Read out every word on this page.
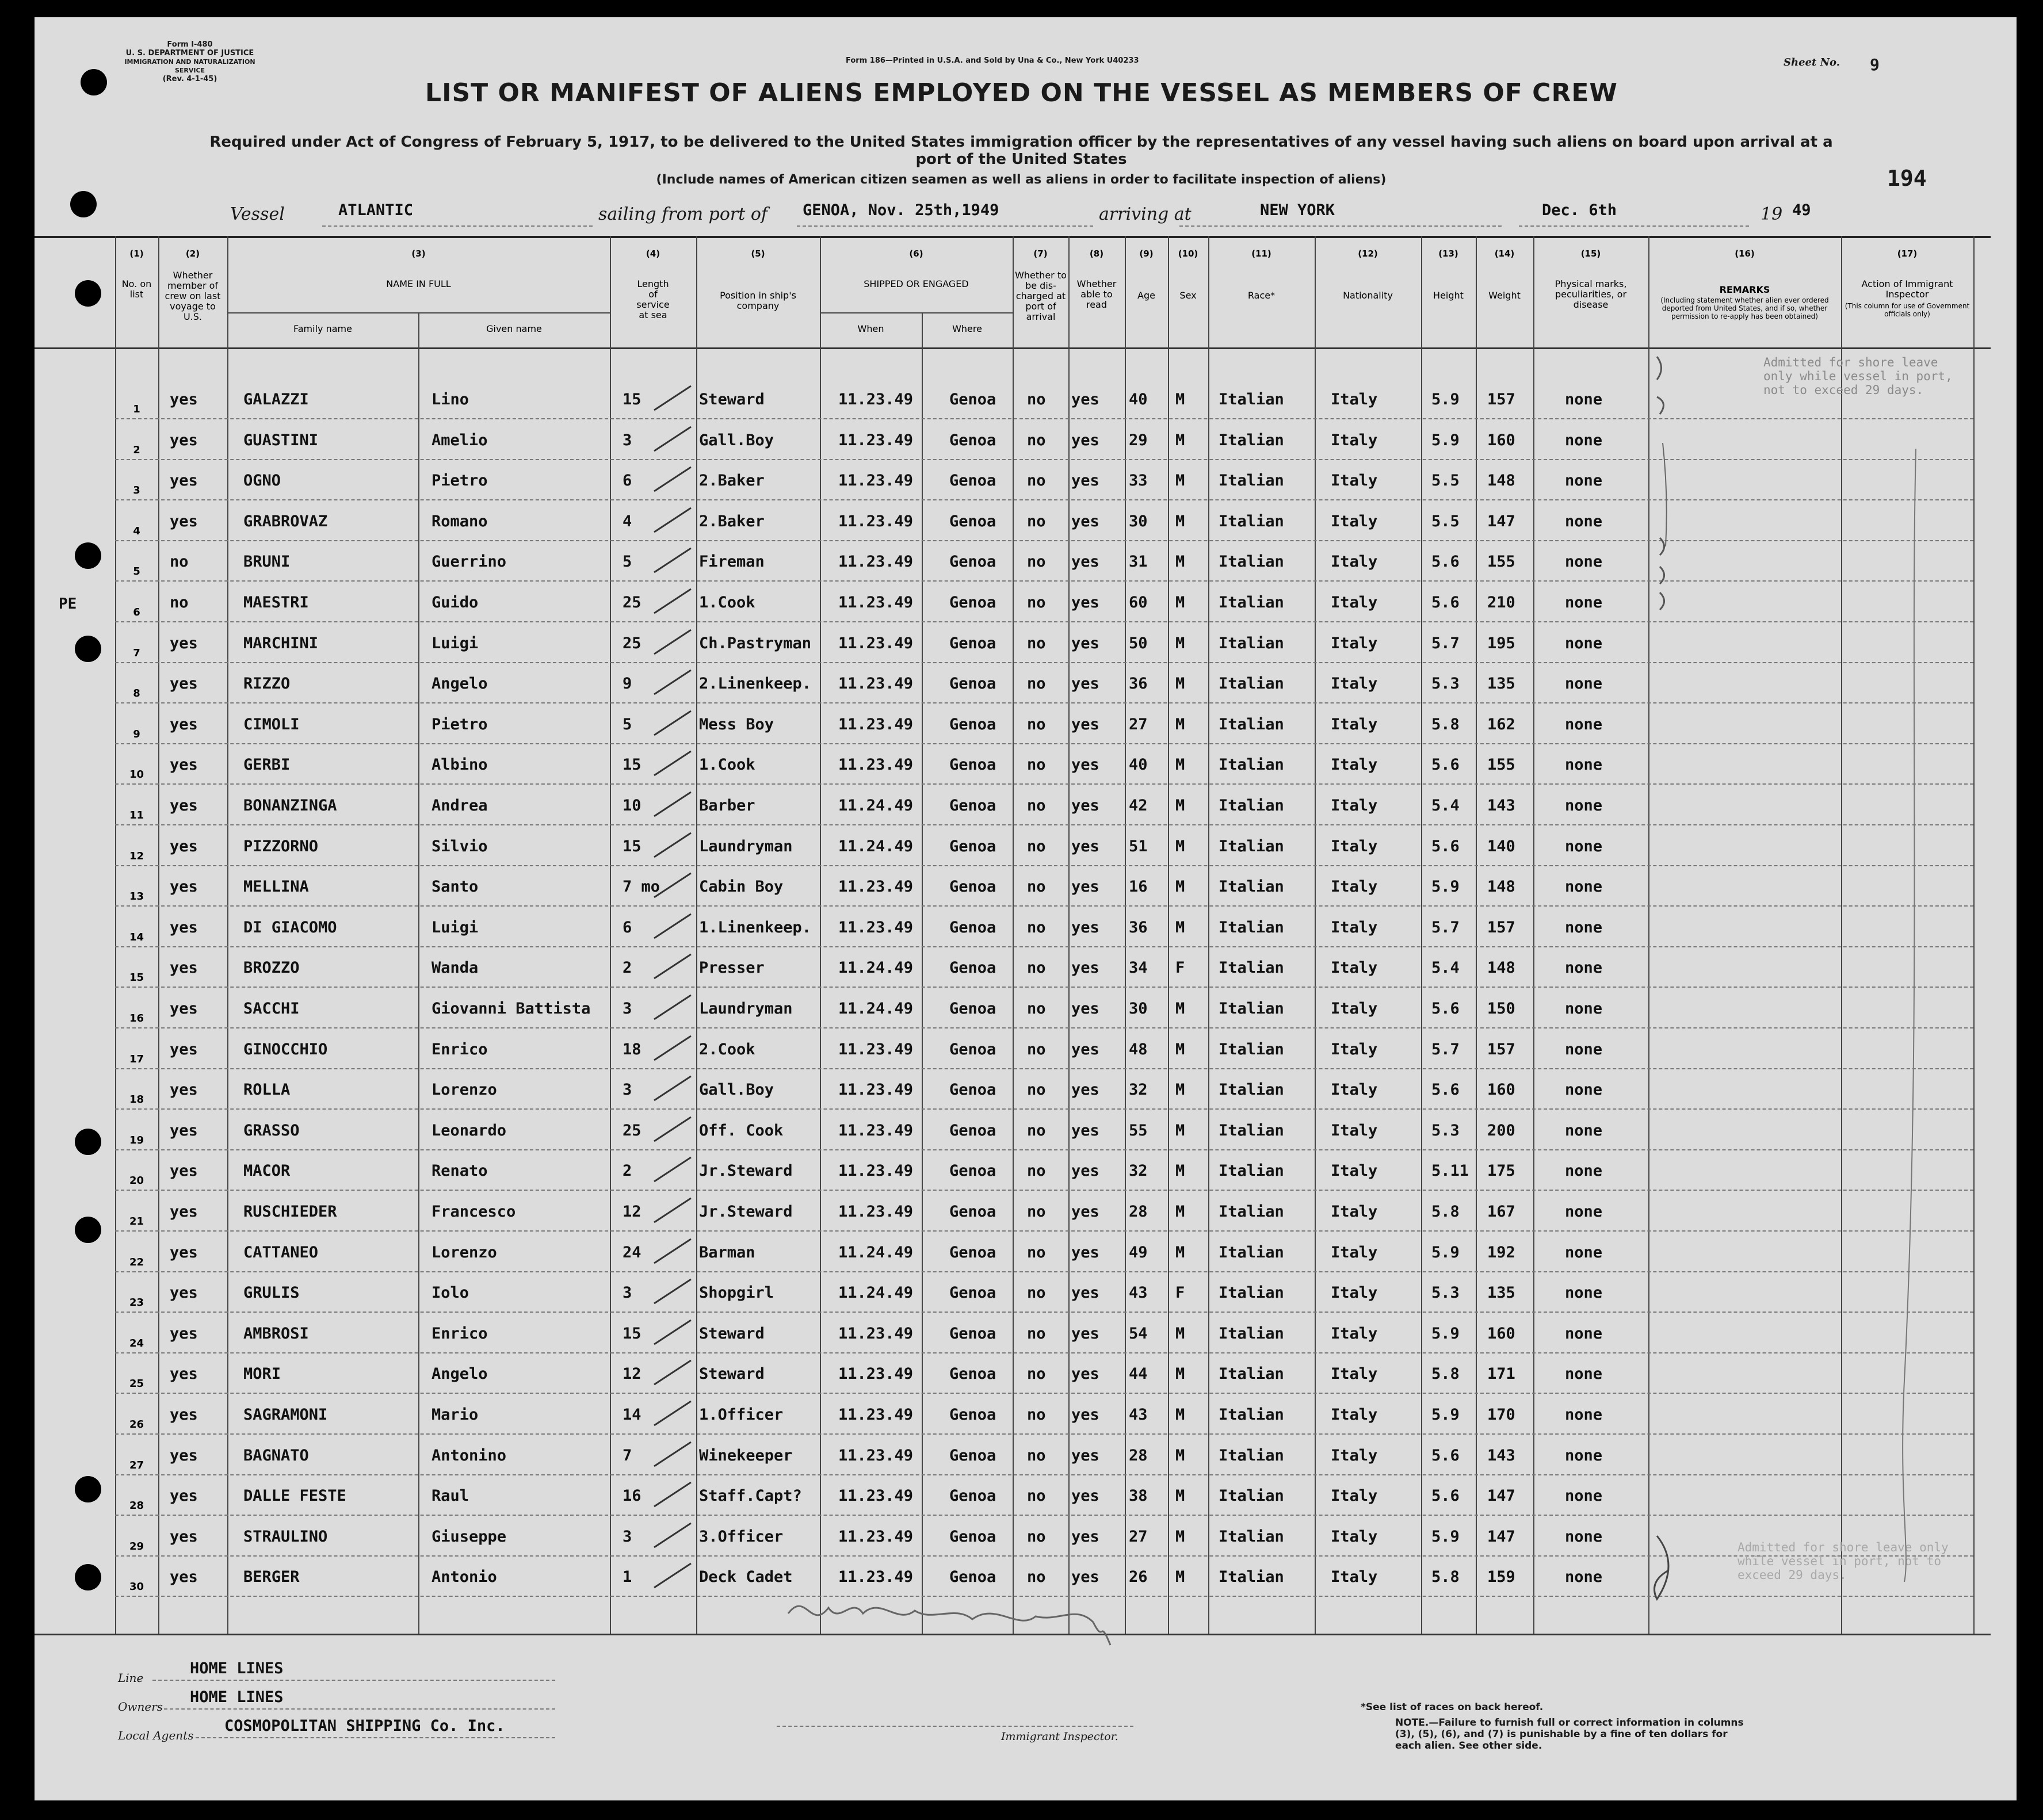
Form I-480
U. S. DEPARTMENT OF JUSTICE
IMMIGRATION AND NATURALIZATION SERVICE
(Rev. 4-1-45)
Form 186—Printed in U.S.A. and Sold by Una & Co., New York U40233	Sheet No. 9
194
LIST OR MANIFEST OF ALIENS EMPLOYED ON THE VESSEL AS MEMBERS OF CREW
Required under Act of Congress of February 5, 1917, to be delivered to the United States immigration officer by the representatives of any vessel having such aliens on board upon arrival at a
port of the United States
(Include names of American citizen seamen as well as aliens in order to facilitate inspection of aliens)
Vessel	ATLANTIC	sailing from port of GENOA, Nov. 25th,1949	arriving at	NEW YORK	Dec. 6th	19 49
(1)
No. on list
(2)
Whether member of crew on last voyage to U.S.
(3)
NAME IN FULL
Family name	Given name
(4)
Length of service at sea
(5)
Position in ship's company
(6)
SHIPPED OR ENGAGED
When	Where
(7)
Whether to be dis-charged at port of arrival
(8)
Whether able to read
(9)
Age
(10)
Sex
(11)
Race*
(12)
Nationality
(13)
Height
(14)
Weight
(15)
Physical marks, peculiarities, or disease
(16)
REMARKS
(Including statement whether alien ever ordered deported from United States, and if so, whether permission to re-apply has been obtained)
(17)
Action of Immigrant Inspector
(This column for use of Government officials only)
1
yes	GALAZZI	Lino	15	Steward	11.23.49 Genoa no yes 40 M Italian	Italy	5.9 157	none
2
yes	GUASTINI	Amelio	3	Gall.Boy	11.23.49 Genoa no yes 29 M Italian	Italy	5.9 160	none
3
yes	OGNO	Pietro	6	2.Baker	11.23.49 Genoa no yes 33 M Italian	Italy	5.5 148	none
4
yes	GRABROVAZ	Romano	4	2.Baker	11.23.49 Genoa no yes 30 M Italian	Italy	5.5 147	none
5
no	BRUNI	Guerrino	5	Fireman	11.23.49 Genoa no yes 31 M Italian	Italy	5.6 155	none
6
no	MAESTRI	Guido	25	1.Cook	11.23.49 Genoa no yes 60 M Italian	Italy	5.6 210	none
7
yes	MARCHINI	Luigi	25	Ch.Pastryman 11.23.49 Genoa no yes 50 M Italian	Italy	5.7 195	none
8
yes	RIZZO	Angelo	9	2.Linenkeep. 11.23.49 Genoa no yes 36 M Italian	Italy	5.3 135	none
9
yes	CIMOLI	Pietro	5	Mess Boy	11.23.49 Genoa no yes 27 M Italian	Italy	5.8 162	none
10
yes	GERBI	Albino	15	1.Cook	11.23.49 Genoa no yes 40 M Italian	Italy	5.6 155	none
11
yes	BONANZINGA	Andrea	10	Barber	11.24.49 Genoa no yes 42 M Italian	Italy	5.4 143	none
12
yes	PIZZORNO	Silvio	15	Laundryman	11.24.49 Genoa no yes 51 M Italian	Italy	5.6 140	none
13
yes	MELLINA	Santo	7 mo	Cabin Boy	11.23.49 Genoa no yes 16 M Italian	Italy	5.9 148	none
14
yes	DI GIACOMO	Luigi	6	1.Linenkeep. 11.23.49 Genoa no yes 36 M Italian	Italy	5.7 157	none
15
yes	BROZZO	Wanda	2	Presser	11.24.49 Genoa no yes 34 F Italian	Italy	5.4 148	none
16
yes	SACCHI	Giovanni Battista 3	Laundryman	11.24.49 Genoa no yes 30 M Italian	Italy	5.6 150	none
17
yes	GINOCCHIO	Enrico	18	2.Cook	11.23.49 Genoa no yes 48 M Italian	Italy	5.7 157	none
18
yes	ROLLA	Lorenzo	3	Gall.Boy	11.23.49 Genoa no yes 32 M Italian	Italy	5.6 160	none
19
yes	GRASSO	Leonardo	25	Off. Cook	11.23.49 Genoa no yes 55 M Italian	Italy	5.3 200	none
20
yes	MACOR	Renato	2	Jr.Steward	11.23.49 Genoa no yes 32 M Italian	Italy	5.11 175	none
21
yes	RUSCHIEDER	Francesco	12	Jr.Steward	11.23.49 Genoa no yes 28 M Italian	Italy	5.8 167	none
22
yes	CATTANEO	Lorenzo	24	Barman	11.24.49 Genoa no yes 49 M Italian	Italy	5.9 192	none
23
yes	GRULIS	Iolo	3	Shopgirl	11.24.49 Genoa no yes 43 F Italian	Italy	5.3 135	none
24
yes	AMBROSI	Enrico	15	Steward	11.23.49 Genoa no yes 54 M Italian	Italy	5.9 160	none
25
yes	MORI	Angelo	12	Steward	11.23.49 Genoa no yes 44 M Italian	Italy	5.8 171	none
26
yes	SAGRAMONI	Mario	14	1.Officer	11.23.49 Genoa no yes 43 M Italian	Italy	5.9 170	none
27
yes	BAGNATO	Antonino	7	Winekeeper	11.23.49 Genoa no yes 28 M Italian	Italy	5.6 143	none
28
yes	DALLE FESTE	Raul	16	Staff.Capt? 11.23.49 Genoa no yes 38 M Italian	Italy	5.6 147	none
29
yes	STRAULINO	Giuseppe	3	3.Officer	11.23.49 Genoa no yes 27 M Italian	Italy	5.9 147	none
30
yes	BERGER	Antonio	1	Deck Cadet	11.23.49 Genoa no yes 26 M Italian	Italy	5.8 159	none
PE
Admitted for shore leave only while vessel in port, not to exceed 29 days.
Admitted for shore leave only while vessel in port, not to exceed 29 days.
Line
HOME LINES
Owners
HOME LINES
Local Agents
COSMOPOLITAN SHIPPING Co. Inc.
Immigrant Inspector.
*See list of races on back hereof.
NOTE.—Failure to furnish full or correct information in columns (3), (5), (6), and (7) is punishable by a fine of ten dollars for each alien. See other side.
